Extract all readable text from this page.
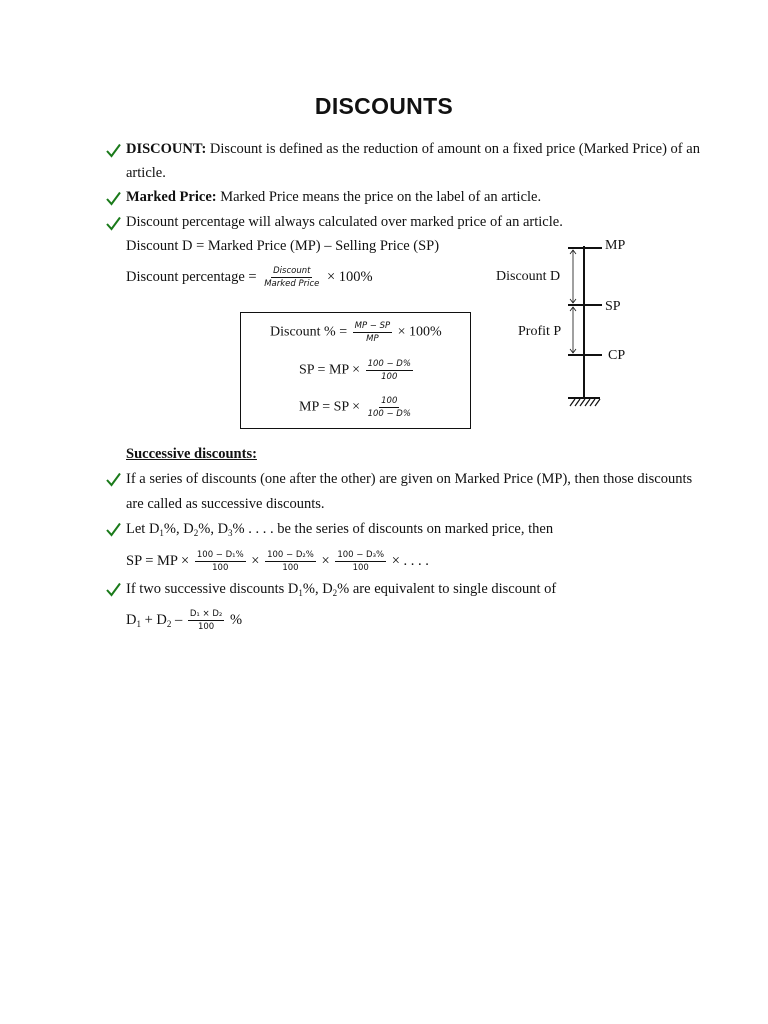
DISCOUNTS
DISCOUNT: Discount is defined as the reduction of amount on a fixed price (Marked Price) of an
article.
Marked Price: Marked Price means the price on the label of an article.
Discount percentage will always calculated over marked price of an article.
Discount D = Marked Price (MP) – Selling Price (SP)
Discount percentage = $\frac{\text{Discount}}{\text{Marked Price}} \times 100\%$
Discount % = $\frac{MP - SP}{MP} \times 100\%$
SP = MP × $\frac{100 - D\%}{100}$
MP = SP × $\frac{100}{100 - D\%}$
MP
SP
CP
Discount D
Profit P
Successive discounts:
If a series of discounts (one after the other) are given on Marked Price (MP), then those discounts
are called as successive discounts.
Let $D_1\%$, $D_2\%$, $D_3\%$ . . . . be the series of discounts on marked price, then
SP = MP × $\frac{\text{100 − D₁\%}}{100} \times \frac{\text{100 − D₂\%}}{100} \times \frac{\text{100 − D₃\%}}{100}$ × . . . .
If two successive discounts $D_1\%$, $D_2\%$ are equivalent to single discount of
$D_1 + D_2 - \frac{\text{D₁ × D₂}}{100}$ %
